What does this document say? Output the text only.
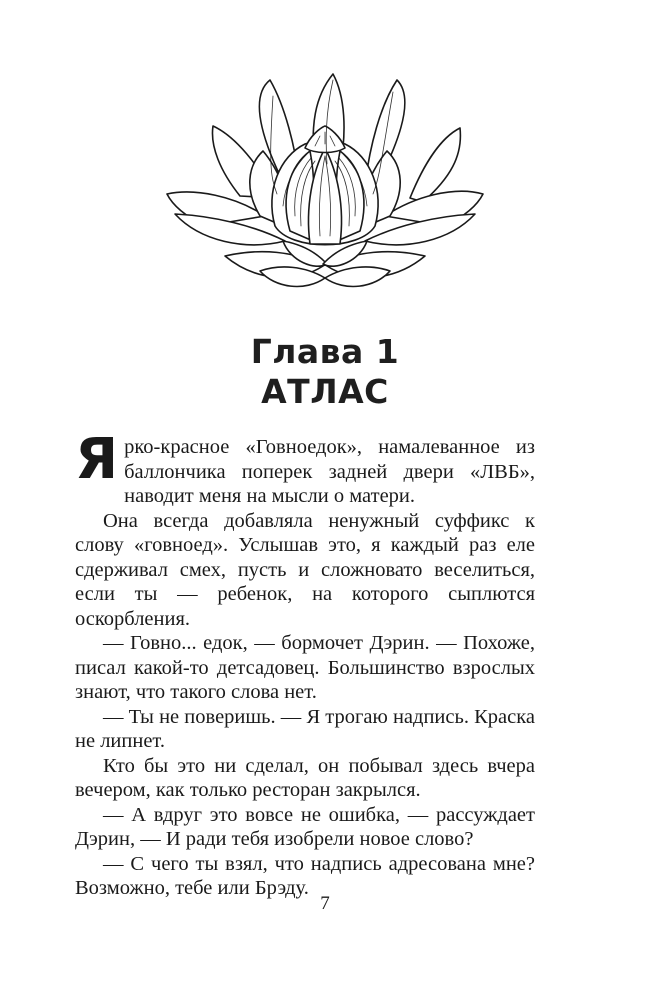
Глава 1
АТЛАС

Ярко-красное «Говноедок», намалеванное из баллончика поперек задней двери «ЛВБ», наводит меня на мысли о матери.

Она всегда добавляла ненужный суффикс к слову «говноед». Услышав это, я каждый раз еле сдерживал смех, пусть и сложновато веселиться, если ты — ребенок, на которого сыплются оскорбления.

— Говно... едок, — бормочет Дэрин. — Похоже, писал какой-то детсадовец. Большинство взрослых знают, что такого слова нет.

— Ты не поверишь. — Я трогаю надпись. Краска не липнет.

Кто бы это ни сделал, он побывал здесь вчера вечером, как только ресторан закрылся.

— А вдруг это вовсе не ошибка, — рассуждает Дэрин, — И ради тебя изобрели новое слово?

— С чего ты взял, что надпись адресована мне? Возможно, тебе или Брэду.

7
